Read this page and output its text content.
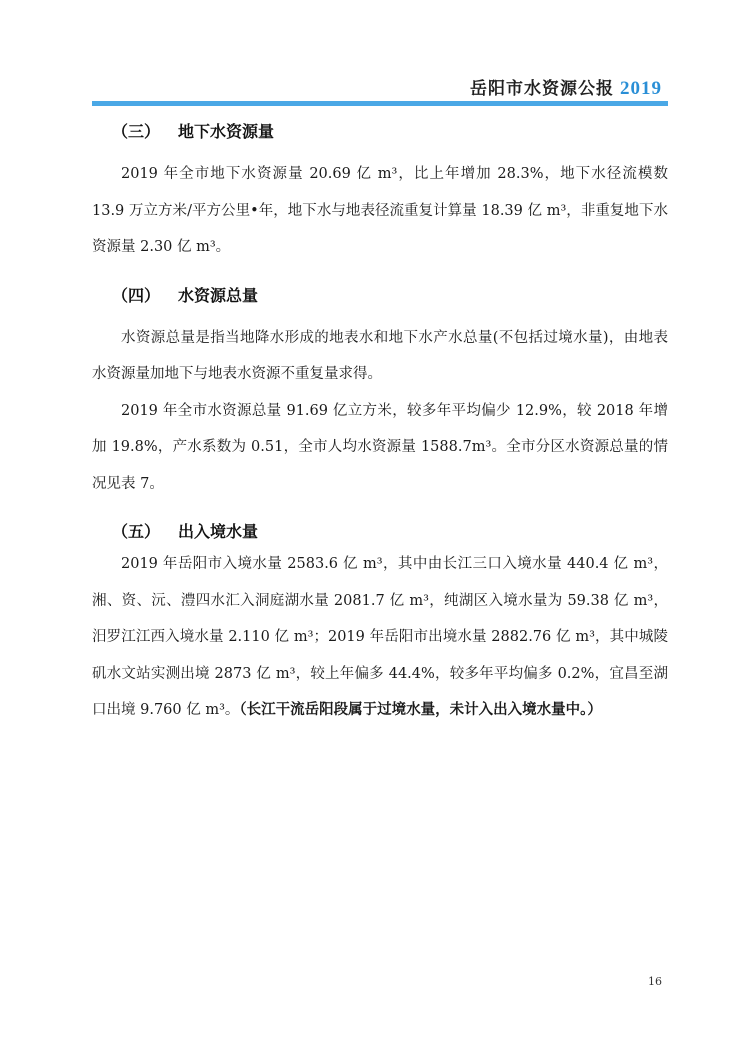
岳阳市水资源公报 2019
（三） 地下水资源量

2019 年全市地下水资源量 20.69 亿 m³，比上年增加 28.3%，地下水径流模数 13.9 万立方米/平方公里•年，地下水与地表径流重复计算量 18.39 亿 m³，非重复地下水资源量 2.30 亿 m³。

（四） 水资源总量

水资源总量是指当地降水形成的地表水和地下水产水总量(不包括过境水量)，由地表水资源量加地下与地表水资源不重复量求得。

2019 年全市水资源总量 91.69 亿立方米，较多年平均偏少 12.9%，较 2018 年增加 19.8%，产水系数为 0.51，全市人均水资源量 1588.7m³。全市分区水资源总量的情况见表 7。

（五） 出入境水量

2019 年岳阳市入境水量 2583.6 亿 m³，其中由长江三口入境水量 440.4 亿 m³，湘、资、沅、澧四水汇入洞庭湖水量 2081.7 亿 m³，纯湖区入境水量为 59.38 亿 m³，汨罗江江西入境水量 2.110 亿 m³；2019 年岳阳市出境水量 2882.76 亿 m³，其中城陵矶水文站实测出境 2873 亿 m³，较上年偏多 44.4%，较多年平均偏多 0.2%，宜昌至湖口出境 9.760 亿 m³。（长江干流岳阳段属于过境水量，未计入出入境水量中。）

16
